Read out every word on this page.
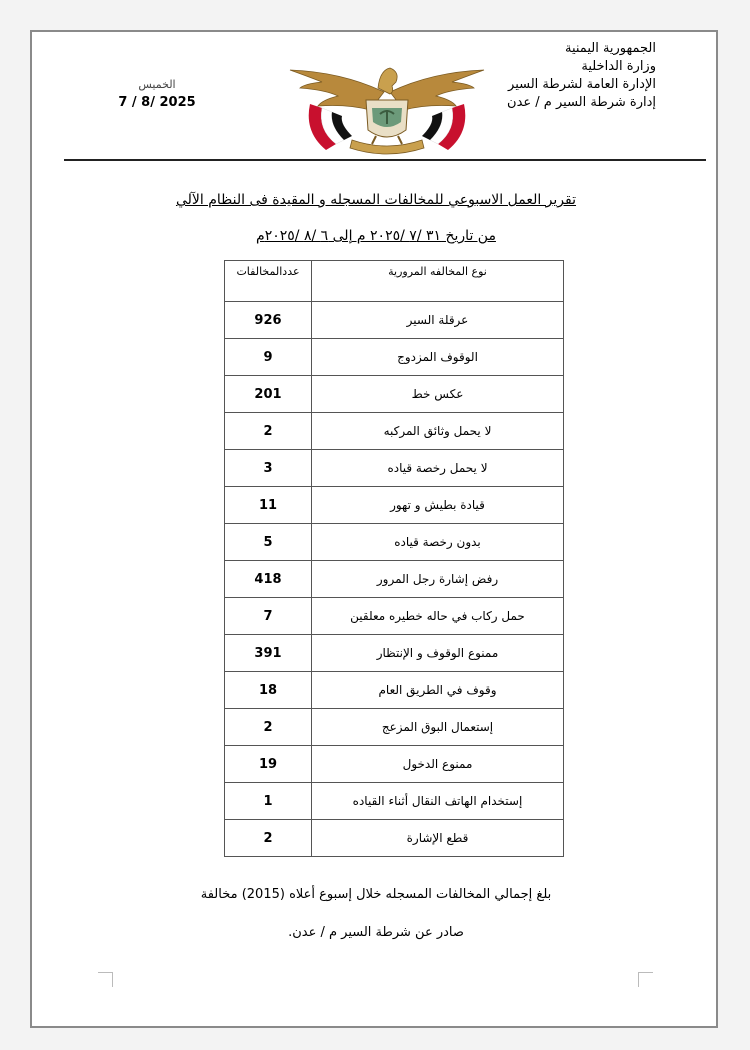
الجمهورية اليمنية
وزارة الداخلية
الإدارة العامة لشرطة السير
إدارة شرطة السير م / عدن
الخميس
7 / 8/ 2025
تقرير العمل الاسبوعي للمخالفات المسجله و المقيدة فى النظام الآلي
من تاريخ ٣١ /٧ /٢٠٢٥ م إلى ٦ /٨ /٢٠٢٥م
نوع المخالفه المرورية	عددالمخالفات
عرقلة السير	926
الوقوف المزدوج	9
عكس خط	201
لا يحمل وثائق المركبه	2
لا يحمل رخصة قياده	3
قيادة بطيش و تهور	11
بدون رخصة قياده	5
رفض إشارة رجل المرور	418
حمل ركاب في حاله خطيره معلقين	7
ممنوع الوقوف و الإنتظار	391
وقوف في الطريق العام	18
إستعمال البوق المزعج	2
ممنوع الدخول	19
إستخدام الهاتف النقال أثناء القياده	1
قطع الإشارة	2
بلغ إجمالي المخالفات المسجله خلال إسبوع أعلاه (2015) مخالفة
صادر عن شرطة السير م / عدن.
